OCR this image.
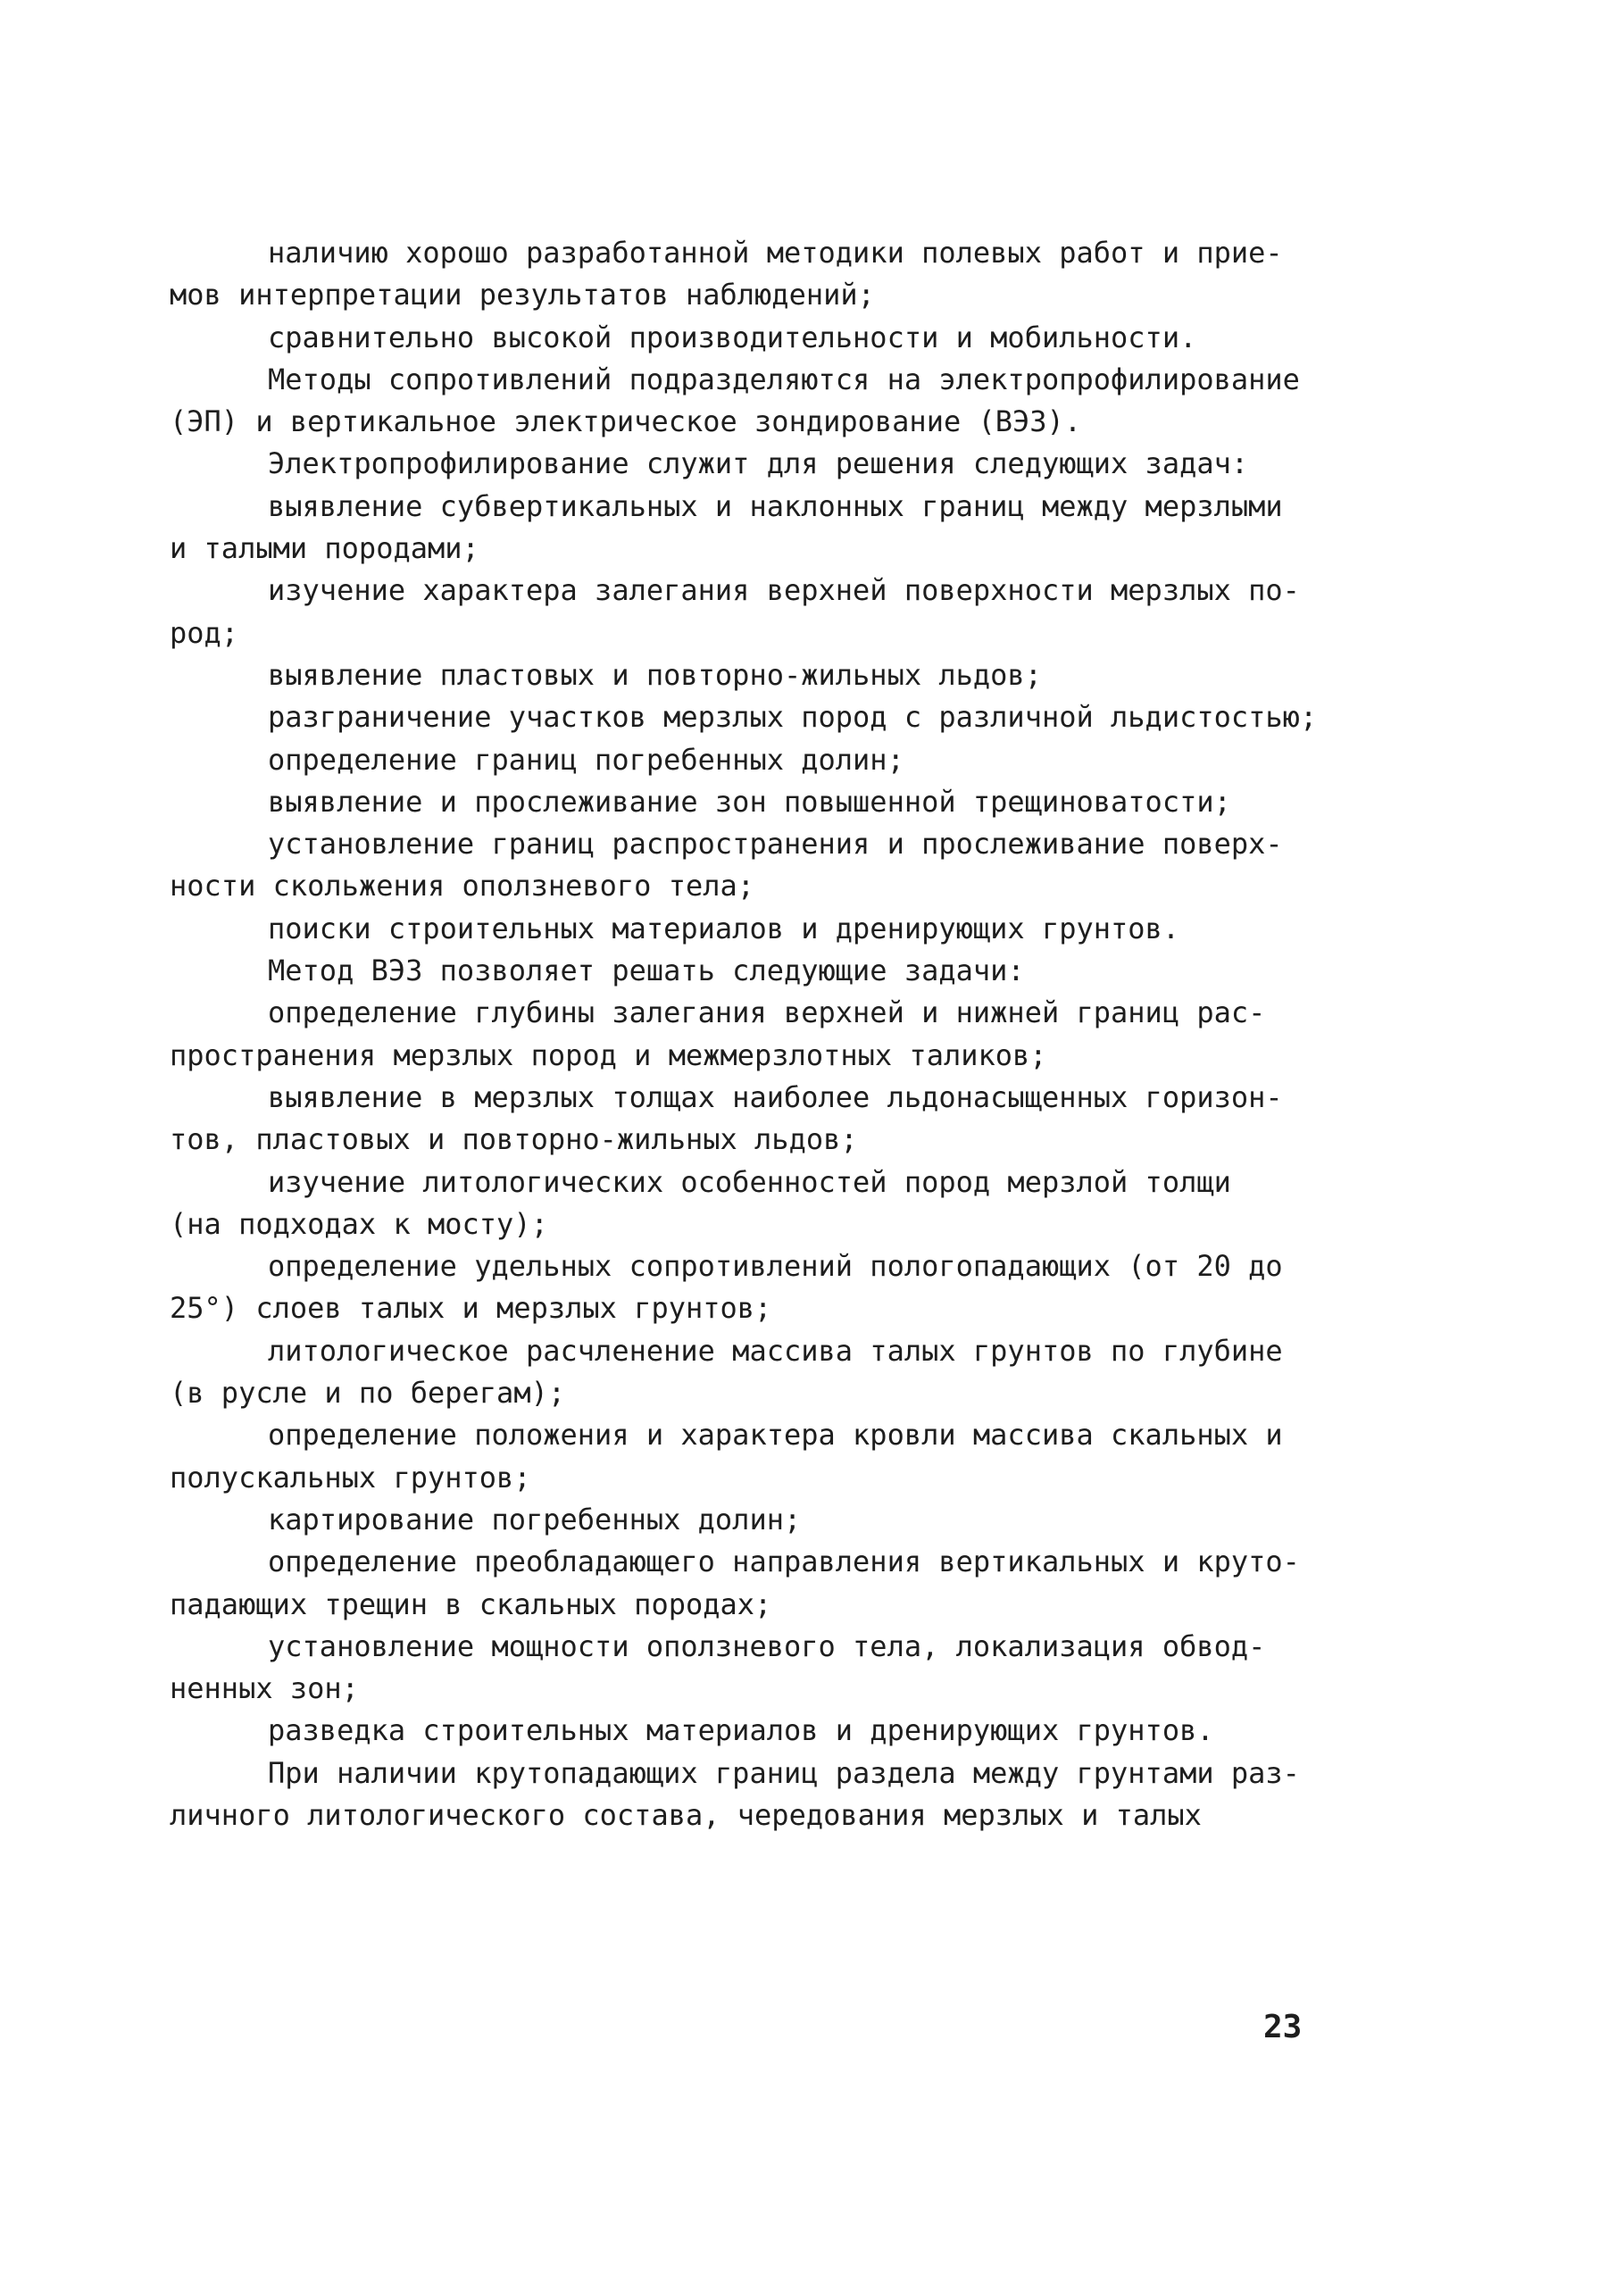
наличию хорошо разработанной методики полевых работ и прие-
мов интерпретации результатов наблюдений;
сравнительно высокой производительности и мобильности.
Методы сопротивлений подразделяются на электропрофилирование
(ЭП) и вертикальное электрическое зондирование (ВЭЗ).
Электропрофилирование служит для решения следующих задач:
выявление субвертикальных и наклонных границ между мерзлыми
и талыми породами;
изучение характера залегания верхней поверхности мерзлых по-
род;
выявление пластовых и повторно-жильных льдов;
разграничение участков мерзлых пород с различной льдистостью;
определение границ погребенных долин;
выявление и прослеживание зон повышенной трещиноватости;
установление границ распространения и прослеживание поверх-
ности скольжения оползневого тела;
поиски строительных материалов и дренирующих грунтов.
Метод ВЭЗ позволяет решать следующие задачи:
определение глубины залегания верхней и нижней границ рас-
пространения мерзлых пород и межмерзлотных таликов;
выявление в мерзлых толщах наиболее льдонасыщенных горизон-
тов, пластовых и повторно-жильных льдов;
изучение литологических особенностей пород мерзлой толщи
(на подходах к мосту);
определение удельных сопротивлений пологопадающих (от 20 до
25°) слоев талых и мерзлых грунтов;
литологическое расчленение массива талых грунтов по глубине
(в русле и по берегам);
определение положения и характера кровли массива скальных и
полускальных грунтов;
картирование погребенных долин;
определение преобладающего направления вертикальных и круто-
падающих трещин в скальных породах;
установление мощности оползневого тела, локализация обвод-
ненных зон;
разведка строительных материалов и дренирующих грунтов.
При наличии крутопадающих границ раздела между грунтами раз-
личного литологического состава, чередования мерзлых и талых
23
